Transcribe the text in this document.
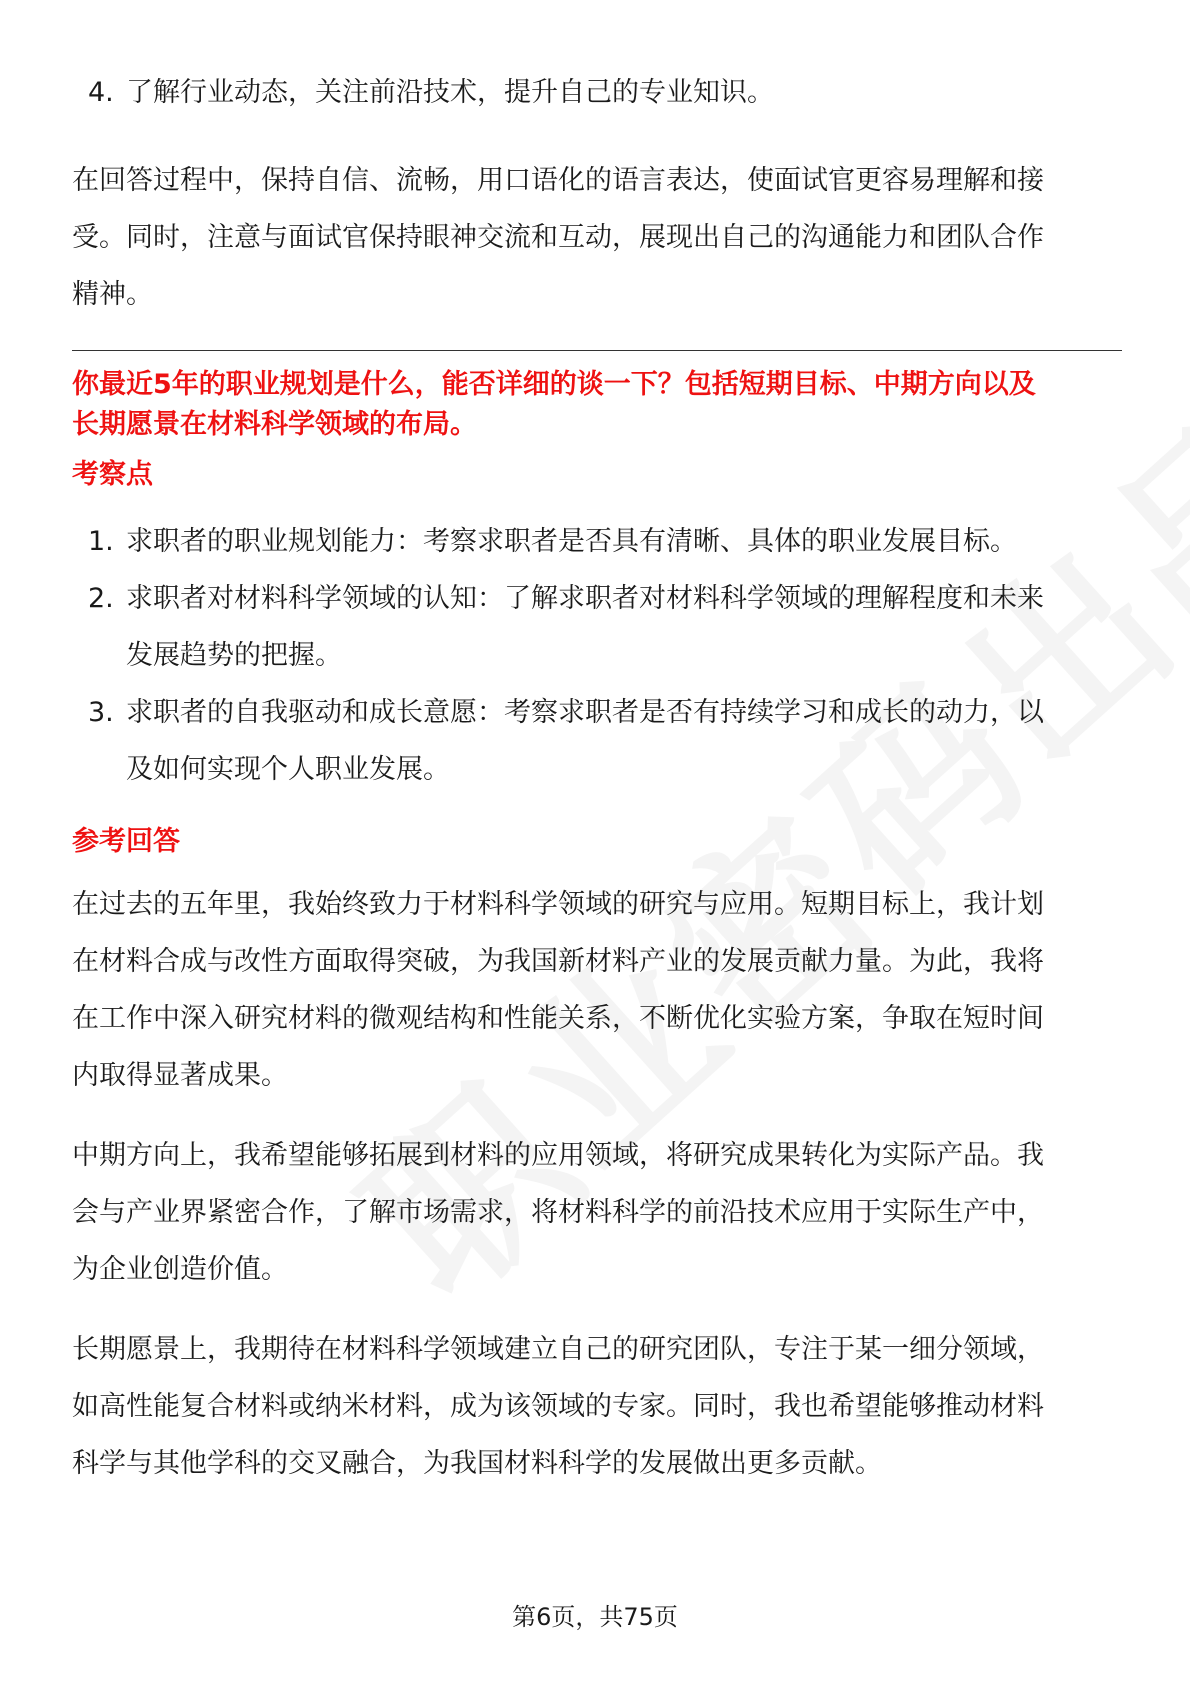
4. 了解行业动态，关注前沿技术，提升自己的专业知识。

在回答过程中，保持自信、流畅，用口语化的语言表达，使面试官更容易理解和接

受。同时，注意与面试官保持眼神交流和互动，展现出自己的沟通能力和团队合作

精神。

你最近5年的职业规划是什么，能否详细的谈一下？包括短期目标、中期方向以及

长期愿景在材料科学领域的布局。

考察点

1. 求职者的职业规划能力：考察求职者是否具有清晰、具体的职业发展目标。
2. 求职者对材料科学领域的认知：了解求职者对材料科学领域的理解程度和未来
发展趋势的把握。
3. 求职者的自我驱动和成长意愿：考察求职者是否有持续学习和成长的动力，以
及如何实现个人职业发展。

参考回答

在过去的五年里，我始终致力于材料科学领域的研究与应用。短期目标上，我计划

在材料合成与改性方面取得突破，为我国新材料产业的发展贡献力量。为此，我将

在工作中深入研究材料的微观结构和性能关系，不断优化实验方案，争取在短时间

内取得显著成果。

中期方向上，我希望能够拓展到材料的应用领域，将研究成果转化为实际产品。我

会与产业界紧密合作，了解市场需求，将材料科学的前沿技术应用于实际生产中，

为企业创造价值。

长期愿景上，我期待在材料科学领域建立自己的研究团队，专注于某一细分领域，

如高性能复合材料或纳米材料，成为该领域的专家。同时，我也希望能够推动材料

科学与其他学科的交叉融合，为我国材料科学的发展做出更多贡献。

第6页，共75页
